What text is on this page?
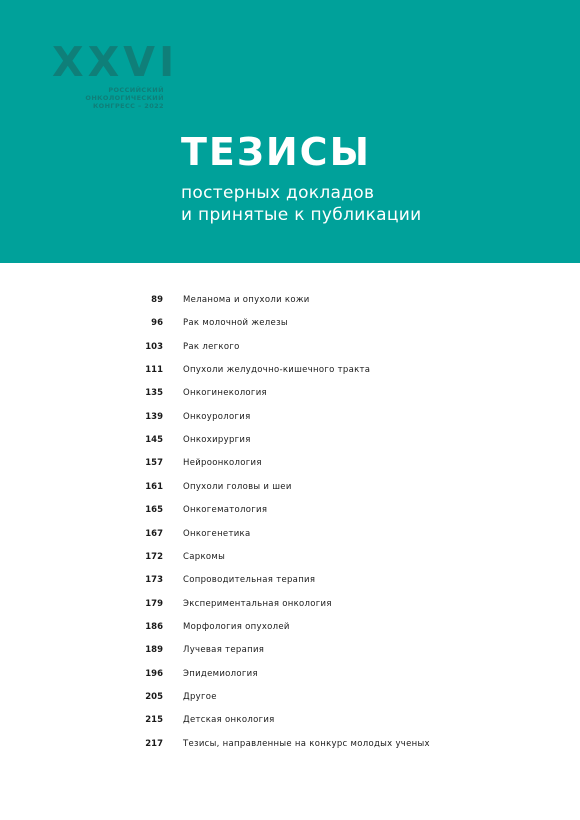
XXVI
РОССИЙСКИЙ
ОНКОЛОГИЧЕСКИЙ
КОНГРЕСС – 2022
ТЕЗИСЫ
постерных докладов
и принятые к публикации
89 Меланома и опухоли кожи
96 Рак молочной железы
103 Рак легкого
111 Опухоли желудочно-кишечного тракта
135 Онкогинекология
139 Онкоурология
145 Онкохирургия
157 Нейроонкология
161 Опухоли головы и шеи
165 Онкогематология
167 Онкогенетика
172 Саркомы
173 Сопроводительная терапия
179 Экспериментальная онкология
186 Морфология опухолей
189 Лучевая терапия
196 Эпидемиология
205 Другое
215 Детская онкология
217 Тезисы, направленные на конкурс молодых ученых
